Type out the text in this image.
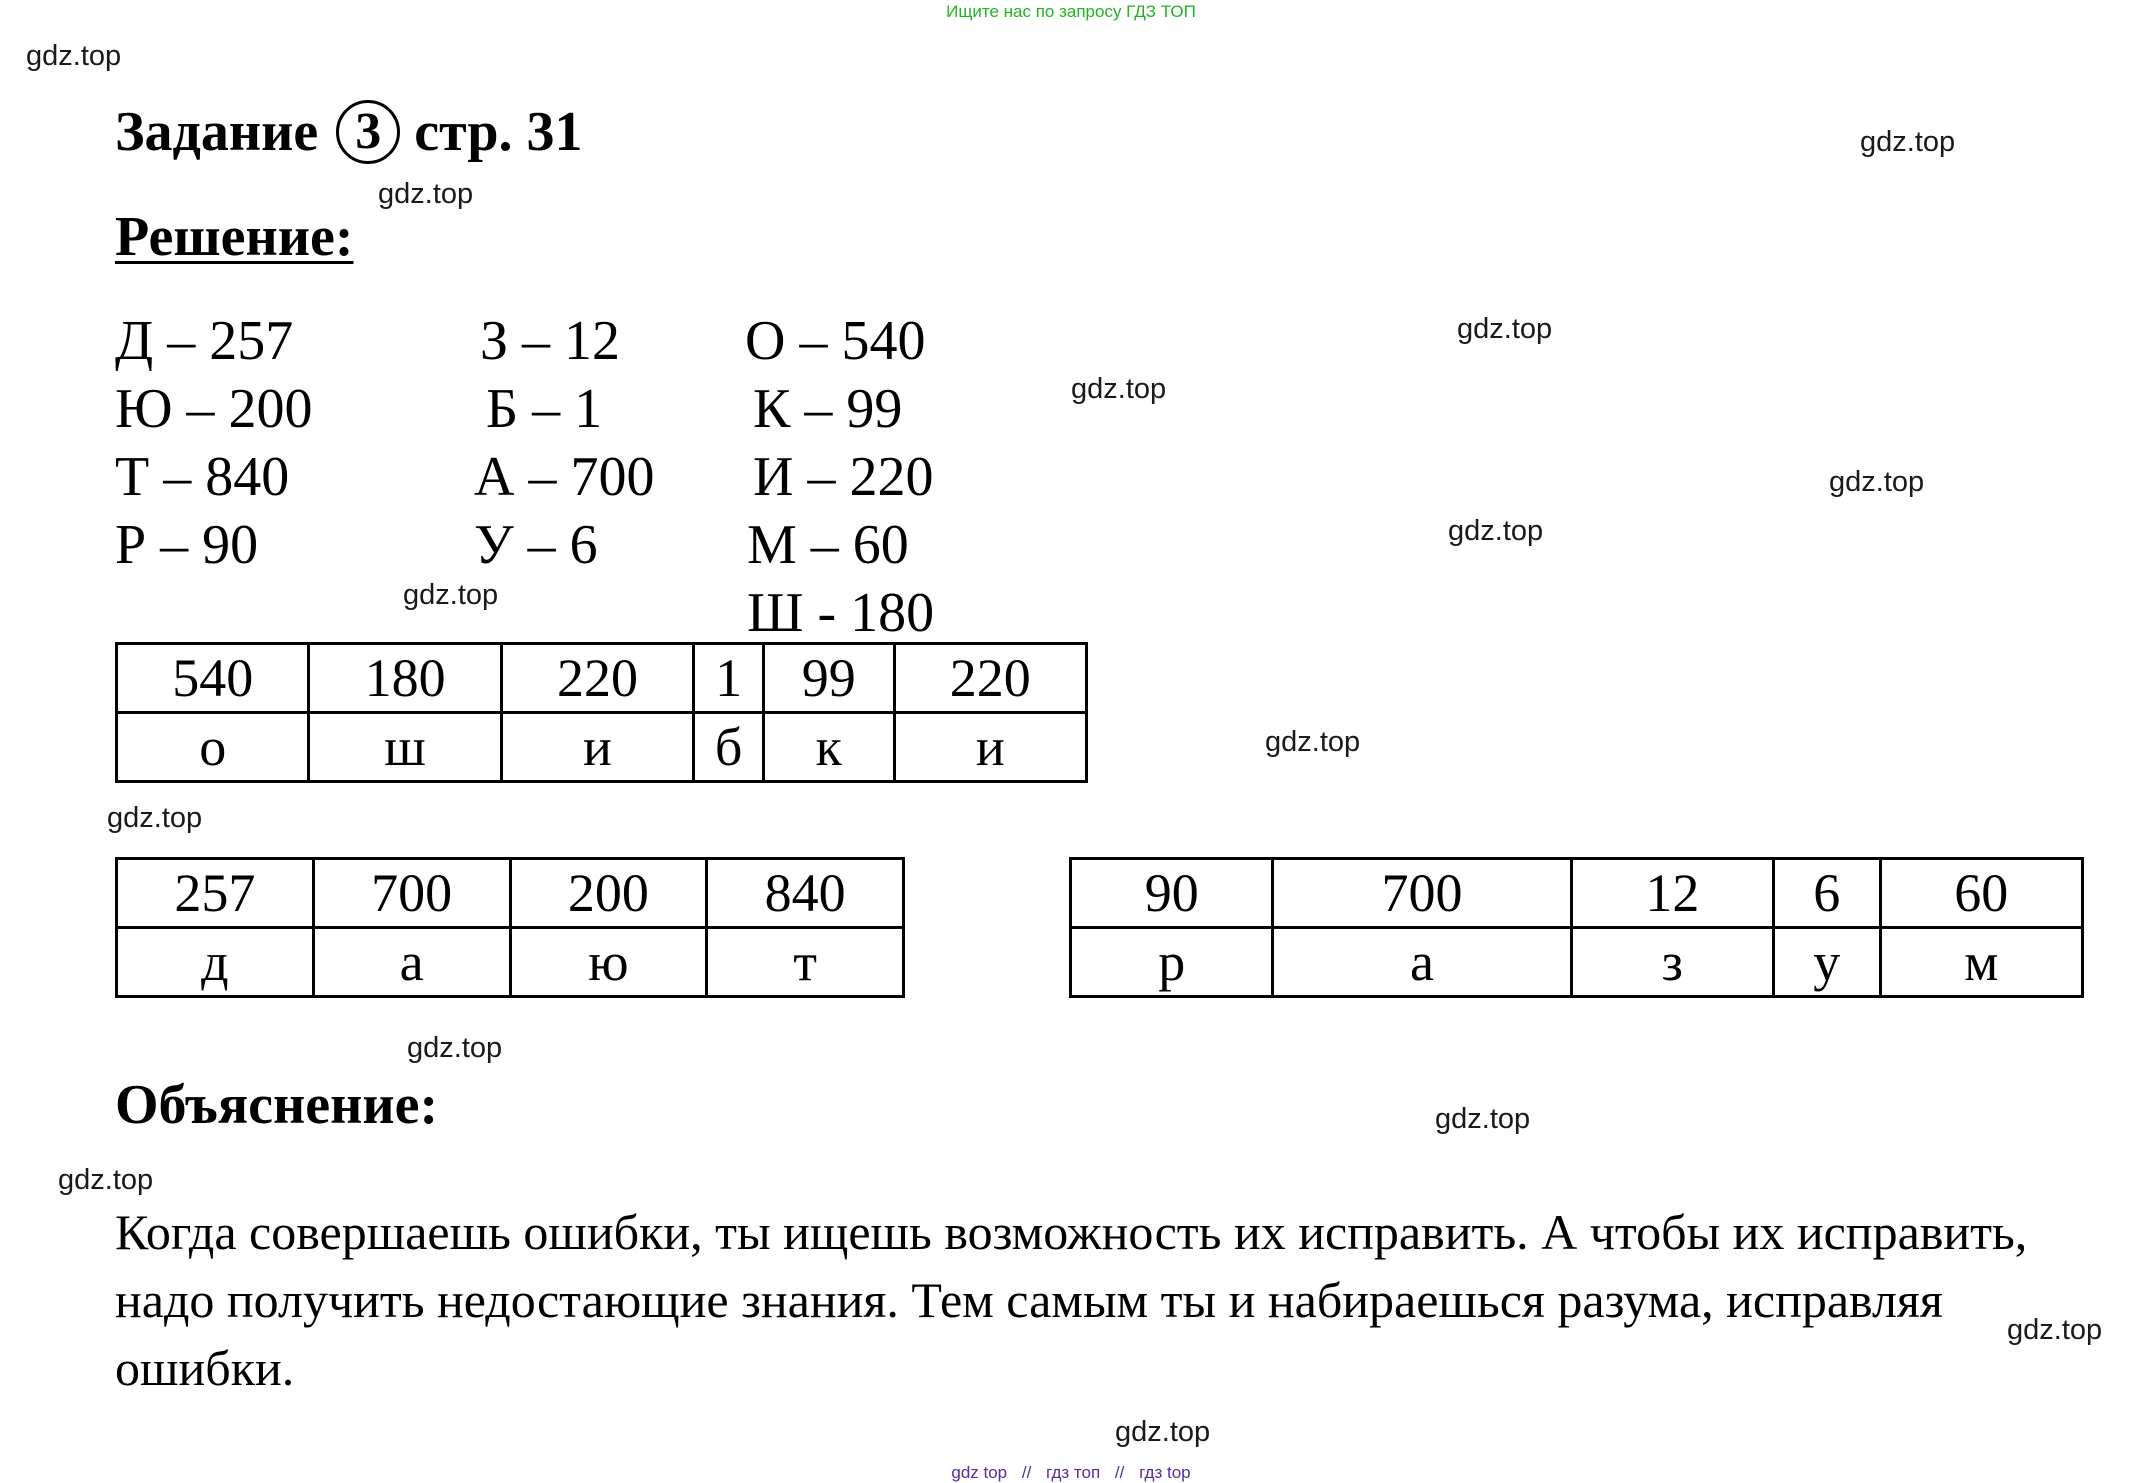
Ищите нас по запросу ГДЗ ТОП
gdz.top
gdz.top
gdz.top
gdz.top
gdz.top
gdz.top
gdz.top
gdz.top
gdz.top
gdz.top
gdz.top
gdz.top
gdz.top
gdz.top
gdz.top
Задание 3 стр. 31
Решение:
Д – 257	З – 12 О – 540
Ю – 200	Б – 1	К – 99
Т – 840	А – 700 И – 220
Р – 90	У – 6	М – 60
Ш - 180
540	180	220	1	99	220
о	ш	и	б	к	и
257	700	200	840
д	а	ю	т
90	700	12	6	60
р	а	з	у	м
Объяснение:
Когда совершаешь ошибки, ты ищешь возможность их исправить. А чтобы их исправить, надо получить недостающие знания. Тем самым ты и набираешься разума, исправляя ошибки.
gdz top // гдз топ // гдз top
